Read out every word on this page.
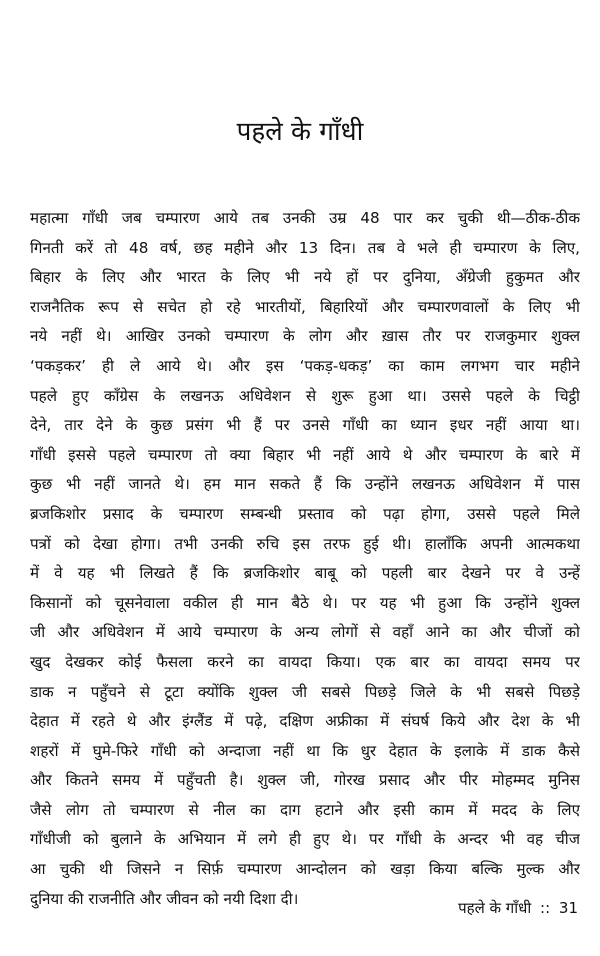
पहले के गाँधी
महात्मा गाँधी जब चम्पारण आये तब उनकी उम्र 48 पार कर चुकी थी—ठीक-ठीक
गिनती करें तो 48 वर्ष, छह महीने और 13 दिन। तब वे भले ही चम्पारण के लिए,
बिहार के लिए और भारत के लिए भी नये हों पर दुनिया, अँग्रेजी हुकुमत और
राजनैतिक रूप से सचेत हो रहे भारतीयों, बिहारियों और चम्पारणवालों के लिए भी
नये नहीं थे। आखिर उनको चम्पारण के लोग और ख़ास तौर पर राजकुमार शुक्ल
‘पकड़कर’ ही ले आये थे। और इस ‘पकड़-धकड़’ का काम लगभग चार महीने
पहले हुए काँग्रेस के लखनऊ अधिवेशन से शुरू हुआ था। उससे पहले के चिट्ठी
देने, तार देने के कुछ प्रसंग भी हैं पर उनसे गाँधी का ध्यान इधर नहीं आया था।
गाँधी इससे पहले चम्पारण तो क्या बिहार भी नहीं आये थे और चम्पारण के बारे में
कुछ भी नहीं जानते थे। हम मान सकते हैं कि उन्होंने लखनऊ अधिवेशन में पास
ब्रजकिशोर प्रसाद के चम्पारण सम्बन्धी प्रस्ताव को पढ़ा होगा, उससे पहले मिले
पत्रों को देखा होगा। तभी उनकी रुचि इस तरफ हुई थी। हालाँकि अपनी आत्मकथा
में वे यह भी लिखते हैं कि ब्रजकिशोर बाबू को पहली बार देखने पर वे उन्हें
किसानों को चूसनेवाला वकील ही मान बैठे थे। पर यह भी हुआ कि उन्होंने शुक्ल
जी और अधिवेशन में आये चम्पारण के अन्य लोगों से वहाँ आने का और चीजों को
खुद देखकर कोई फैसला करने का वायदा किया। एक बार का वायदा समय पर
डाक न पहुँचने से टूटा क्योंकि शुक्ल जी सबसे पिछड़े जिले के भी सबसे पिछड़े
देहात में रहते थे और इंग्लैंड में पढ़े, दक्षिण अफ्रीका में संघर्ष किये और देश के भी
शहरों में घुमे-फिरे गाँधी को अन्दाजा नहीं था कि धुर देहात के इलाके में डाक कैसे
और कितने समय में पहुँचती है। शुक्ल जी, गोरख प्रसाद और पीर मोहम्मद मुनिस
जैसे लोग तो चम्पारण से नील का दाग हटाने और इसी काम में मदद के लिए
गाँधीजी को बुलाने के अभियान में लगे ही हुए थे। पर गाँधी के अन्दर भी वह चीज
आ चुकी थी जिसने न सिर्फ़ चम्पारण आन्दोलन को खड़ा किया बल्कि मुल्क और
दुनिया की राजनीति और जीवन को नयी दिशा दी।
पहले के गाँधी :: 31
